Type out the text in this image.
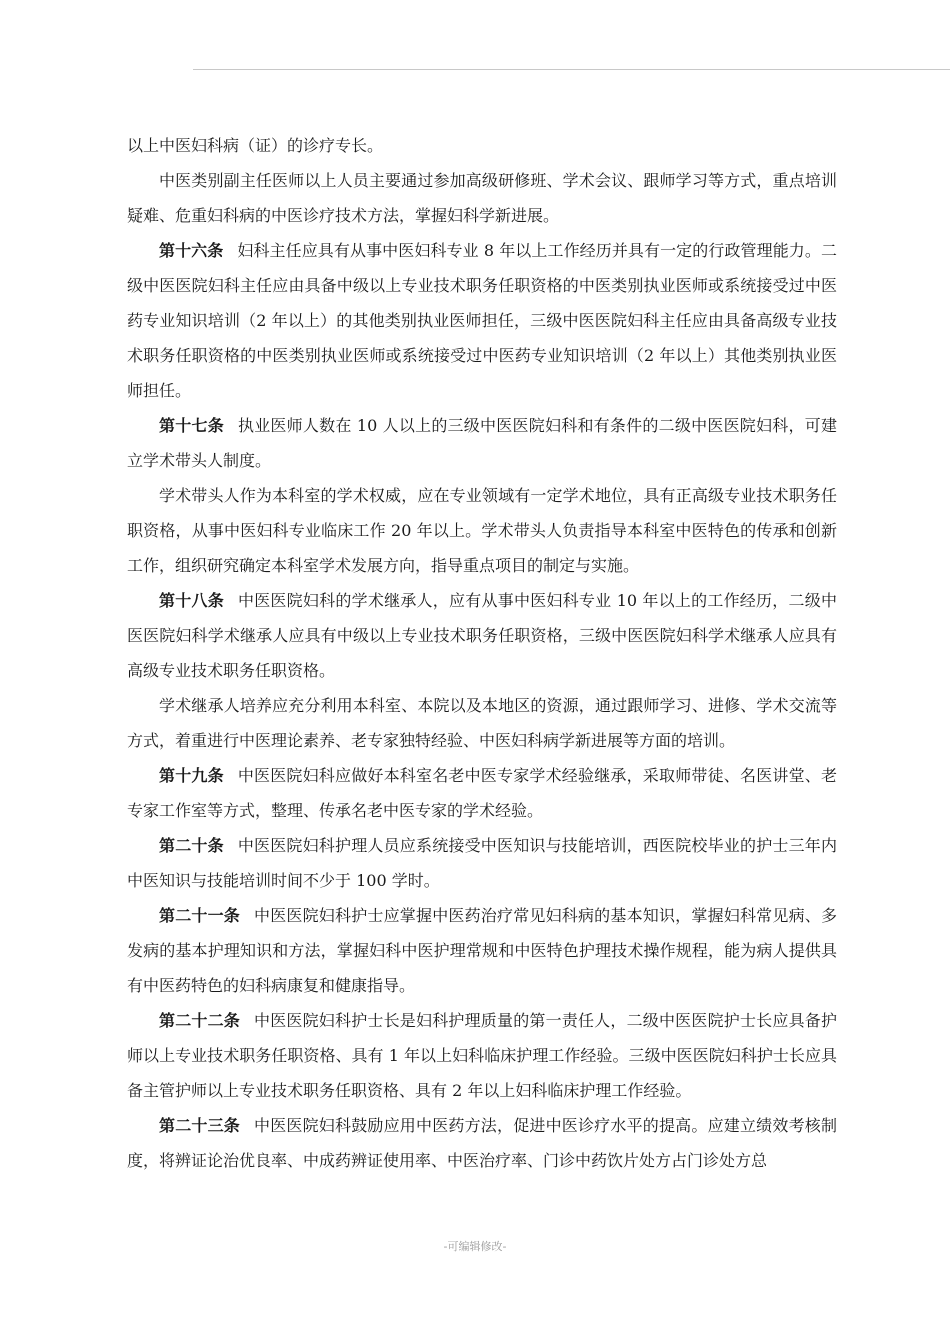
以上中医妇科病（证）的诊疗专长。

中医类别副主任医师以上人员主要通过参加高级研修班、学术会议、跟师学习等方式，重点培训疑难、危重妇科病的中医诊疗技术方法，掌握妇科学新进展。

第十六条 妇科主任应具有从事中医妇科专业 8 年以上工作经历并具有一定的行政管理能力。二级中医医院妇科主任应由具备中级以上专业技术职务任职资格的中医类别执业医师或系统接受过中医药专业知识培训（2 年以上）的其他类别执业医师担任，三级中医医院妇科主任应由具备高级专业技术职务任职资格的中医类别执业医师或系统接受过中医药专业知识培训（2 年以上）其他类别执业医师担任。

第十七条 执业医师人数在 10 人以上的三级中医医院妇科和有条件的二级中医医院妇科，可建立学术带头人制度。

学术带头人作为本科室的学术权威，应在专业领域有一定学术地位，具有正高级专业技术职务任职资格，从事中医妇科专业临床工作 20 年以上。学术带头人负责指导本科室中医特色的传承和创新工作，组织研究确定本科室学术发展方向，指导重点项目的制定与实施。

第十八条 中医医院妇科的学术继承人，应有从事中医妇科专业 10 年以上的工作经历，二级中医医院妇科学术继承人应具有中级以上专业技术职务任职资格，三级中医医院妇科学术继承人应具有高级专业技术职务任职资格。

学术继承人培养应充分利用本科室、本院以及本地区的资源，通过跟师学习、进修、学术交流等方式，着重进行中医理论素养、老专家独特经验、中医妇科病学新进展等方面的培训。

第十九条 中医医院妇科应做好本科室名老中医专家学术经验继承，采取师带徒、名医讲堂、老专家工作室等方式，整理、传承名老中医专家的学术经验。

第二十条 中医医院妇科护理人员应系统接受中医知识与技能培训，西医院校毕业的护士三年内中医知识与技能培训时间不少于 100 学时。

第二十一条 中医医院妇科护士应掌握中医药治疗常见妇科病的基本知识，掌握妇科常见病、多发病的基本护理知识和方法，掌握妇科中医护理常规和中医特色护理技术操作规程，能为病人提供具有中医药特色的妇科病康复和健康指导。

第二十二条 中医医院妇科护士长是妇科护理质量的第一责任人，二级中医医院护士长应具备护师以上专业技术职务任职资格、具有 1 年以上妇科临床护理工作经验。三级中医医院妇科护士长应具备主管护师以上专业技术职务任职资格、具有 2 年以上妇科临床护理工作经验。

第二十三条 中医医院妇科鼓励应用中医药方法，促进中医诊疗水平的提高。应建立绩效考核制度，将辨证论治优良率、中成药辨证使用率、中医治疗率、门诊中药饮片处方占门诊处方总

-可编辑修改-
